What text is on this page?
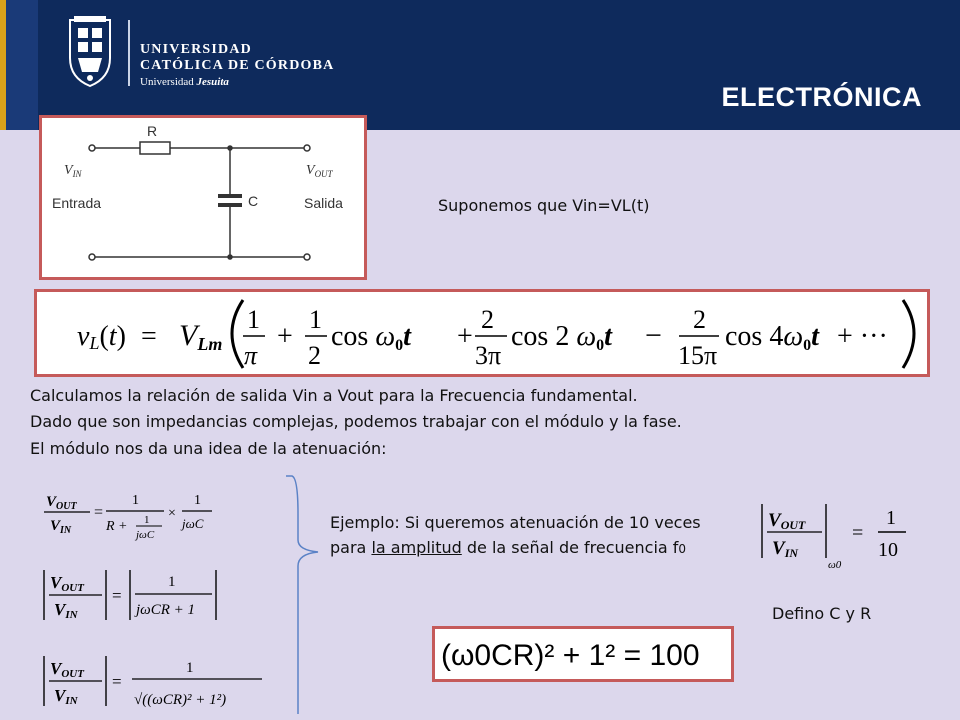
UNIVERSIDAD
CATÓLICA DE CÓRDOBA
Universidad Jesuita	ELECTRÓNICA
R
C
$V_{IN}$	$V_{OUT}$
Entrada	Salida	Suponemos que Vin=VL(t)
vL(t) = VLm
1
π
+
1
2
cos ω0t +
2
3π
cos 2 ω0t − 2
15π
cos 4ω0t + ···
Calculamos la relación de salida Vin a Vout para la Frecuencia fundamental.
Dado que son impedancias complejas, podemos trabajar con el módulo y la fase.
El módulo nos da una idea de la atenuación:
$V_{OUT}$
$V_{IN}$
=
1
R + 1
jωC
×
1
jωC
VOUT
VIN
=
1
jωCR + 1
VOUT
VIN
=
1
√((ωCR)² + 1²)
Ejemplo: Si queremos atenuación de 10 veces para la amplitud de la señal de frecuencia f0
VOUT
VIN
ω0
=
1
10
Defino C y R
(ω0CR)² + 1² = 100
